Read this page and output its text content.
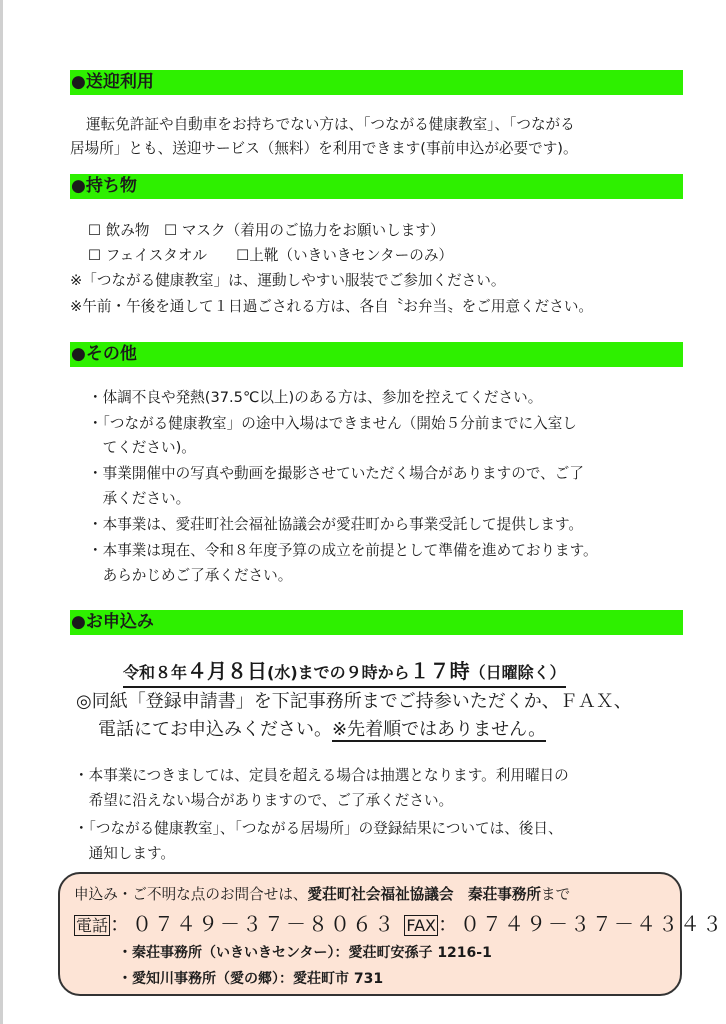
●送迎利用
運転免許証や自動車をお持ちでない方は、「つながる健康教室」、「つながる
居場所」とも、送迎サービス（無料）を利用できます(事前申込が必要です)。
●持ち物
☐ 飲み物　☐ マスク（着用のご協力をお願いします）
☐ フェイスタオル　　☐上靴（いきいきセンターのみ）
※「つながる健康教室」は、運動しやすい服装でご参加ください。
※午前・午後を通して１日過ごされる方は、各自〝お弁当〟をご用意ください。
●その他
・体調不良や発熱(37.5℃以上)のある方は、参加を控えてください。
・「つながる健康教室」の途中入場はできません（開始５分前までに入室し
　てください)。
・事業開催中の写真や動画を撮影させていただく場合がありますので、ご了
　承ください。
・本事業は、愛荘町社会福祉協議会が愛荘町から事業受託して提供します。
・本事業は現在、令和８年度予算の成立を前提として準備を進めております。
　あらかじめご了承ください。
●お申込み
令和８年４月８日(水)までの９時から１７時（日曜除く）
◎同紙「登録申請書」を下記事務所までご持参いただくか、ＦＡＸ、
電話にてお申込みください。※先着順ではありません。
・本事業につきましては、定員を超える場合は抽選となります。利用曜日の
　希望に沿えない場合がありますので、ご了承ください。
・「つながる健康教室」、「つながる居場所」の登録結果については、後日、
　通知します。
申込み・ご不明な点のお問合せは、愛荘町社会福祉協議会　秦荘事務所まで
電話 ：０７４９－３７－８０６３ FAX ：０７４９－３７－４３４３
・秦荘事務所（いきいきセンター）：愛荘町安孫子 1216-1
・愛知川事務所（愛の郷）：愛荘町市 731
